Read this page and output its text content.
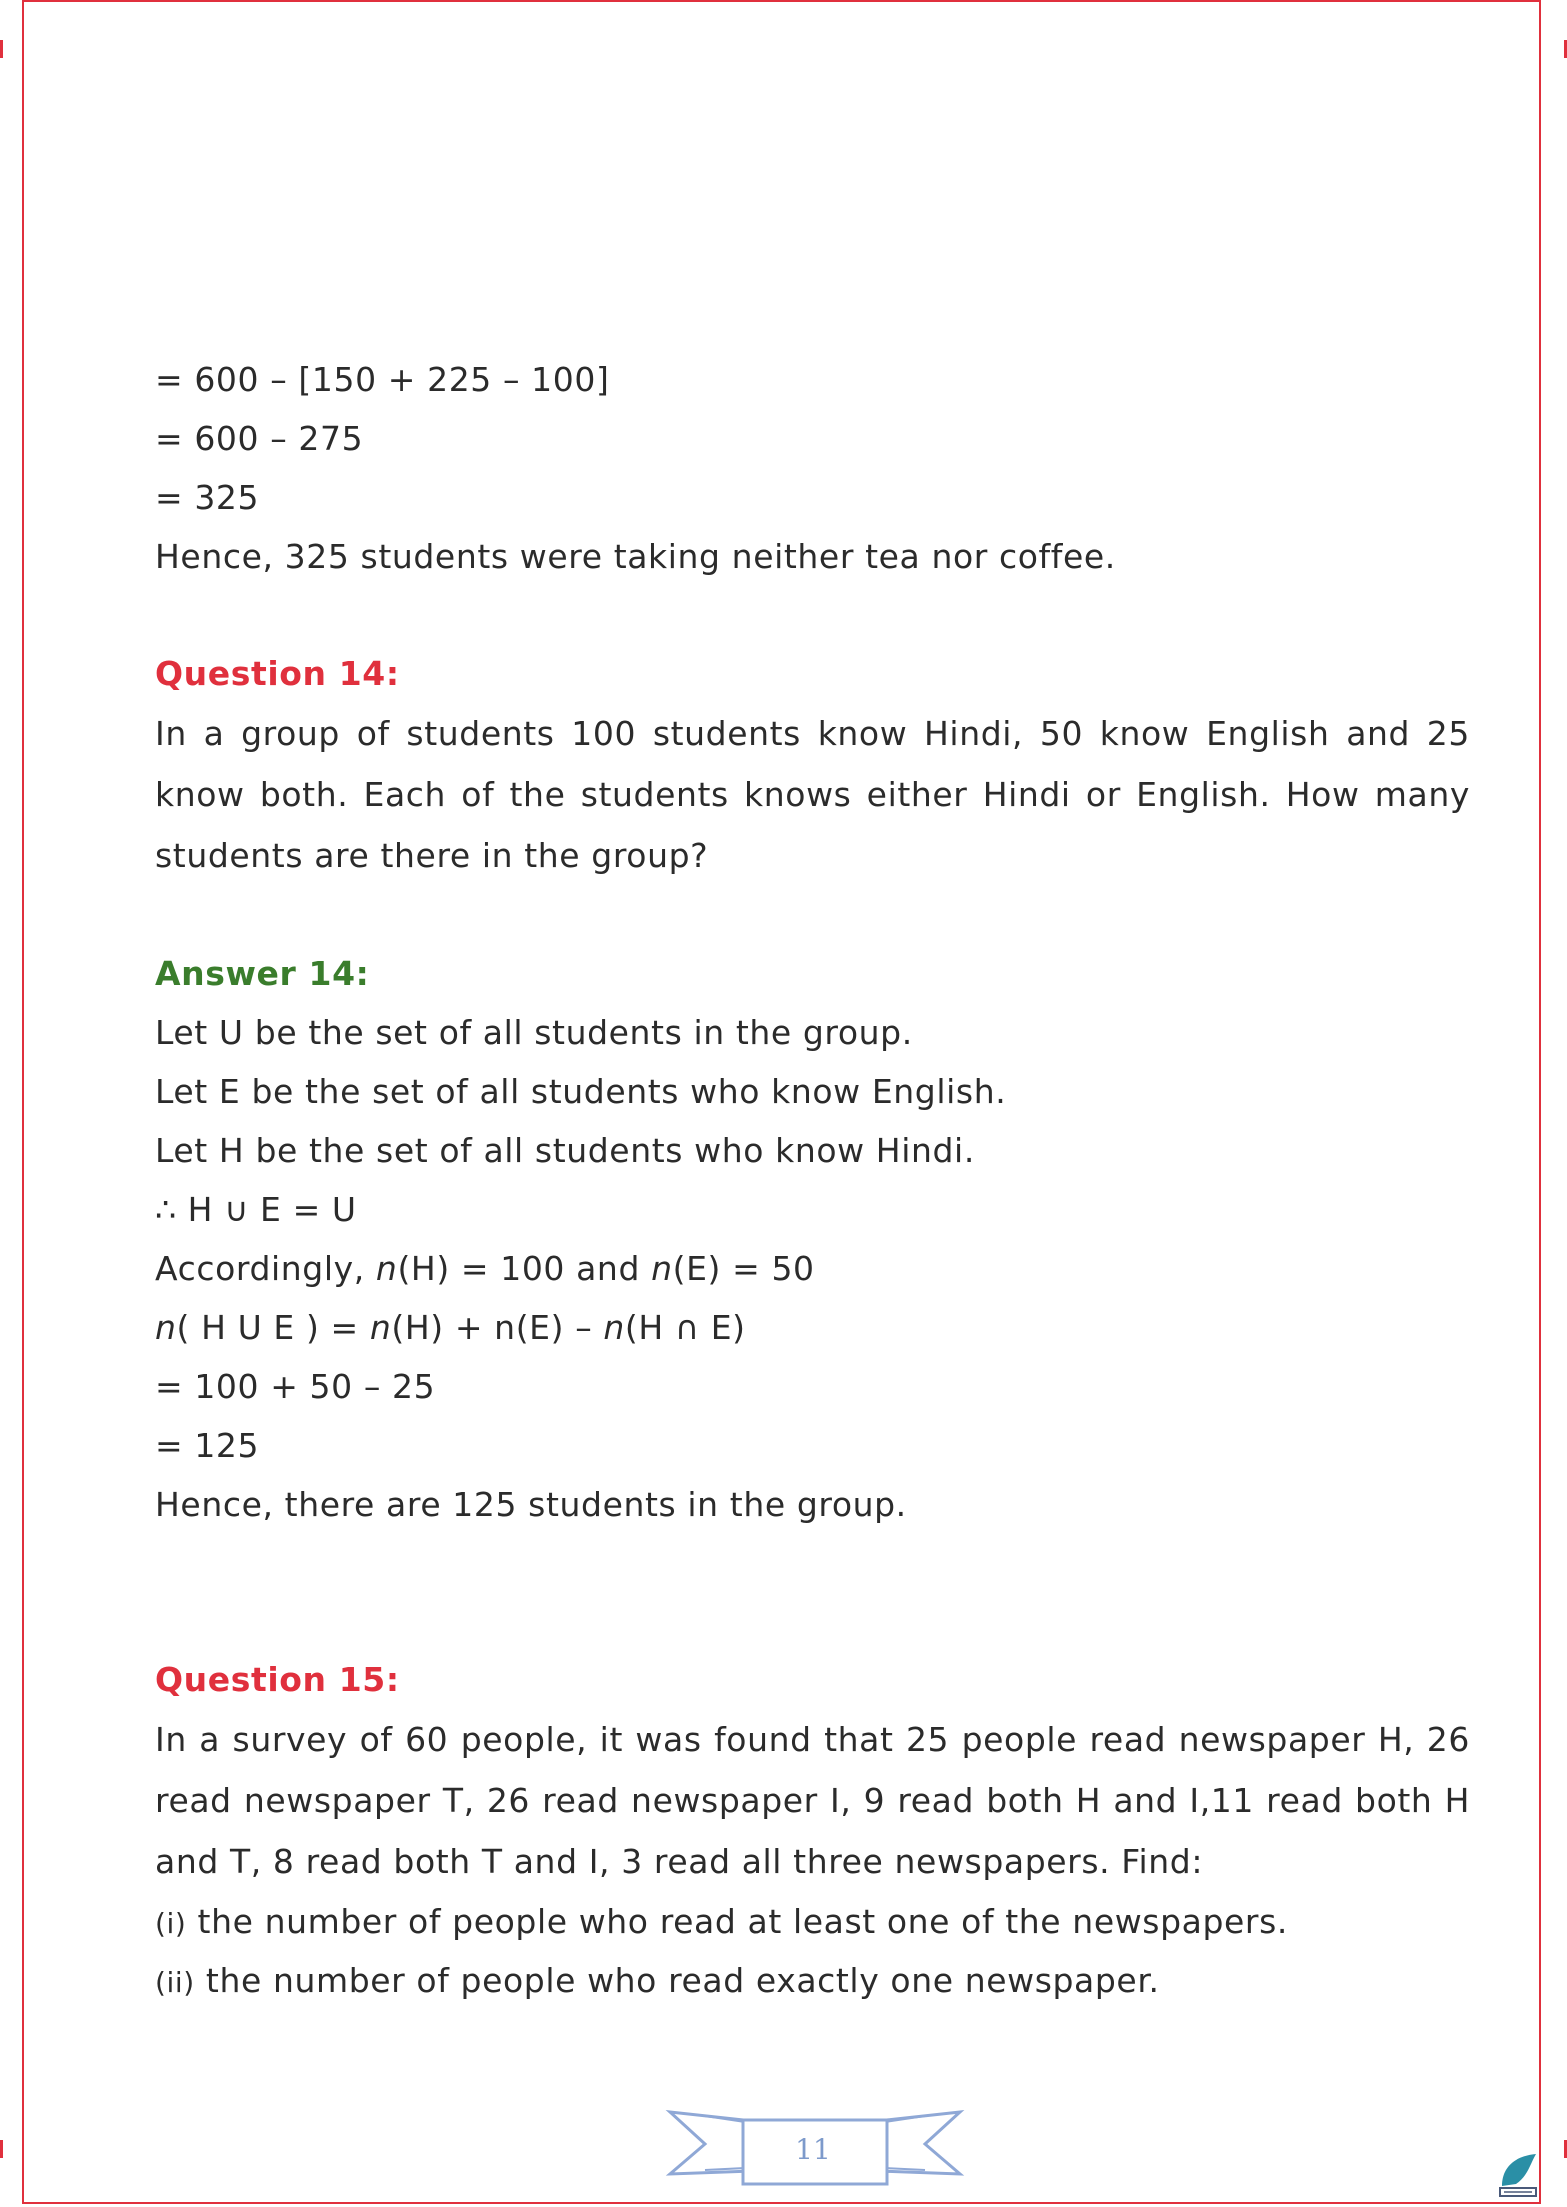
= 600 – [150 + 225 – 100]
= 600 – 275
= 325
Hence, 325 students were taking neither tea nor coffee.
Question 14:
In a group of students 100 students know Hindi, 50 know English and 25 know both. Each of the students knows either Hindi or English. How many students are there in the group?
Answer 14:
Let U be the set of all students in the group.
Let E be the set of all students who know English.
Let H be the set of all students who know Hindi.
∴ H ∪ E = U
Accordingly, n(H) = 100 and n(E) = 50
n( H U E ) = n(H) + n(E) – n(H ∩ E)
= 100 + 50 – 25
= 125
Hence, there are 125 students in the group.
Question 15:
In a survey of 60 people, it was found that 25 people read newspaper H, 26 read newspaper T, 26 read newspaper I, 9 read both H and I,11 read both H and T, 8 read both T and I, 3 read all three newspapers. Find:
(i) the number of people who read at least one of the newspapers.
(ii) the number of people who read exactly one newspaper.
11
